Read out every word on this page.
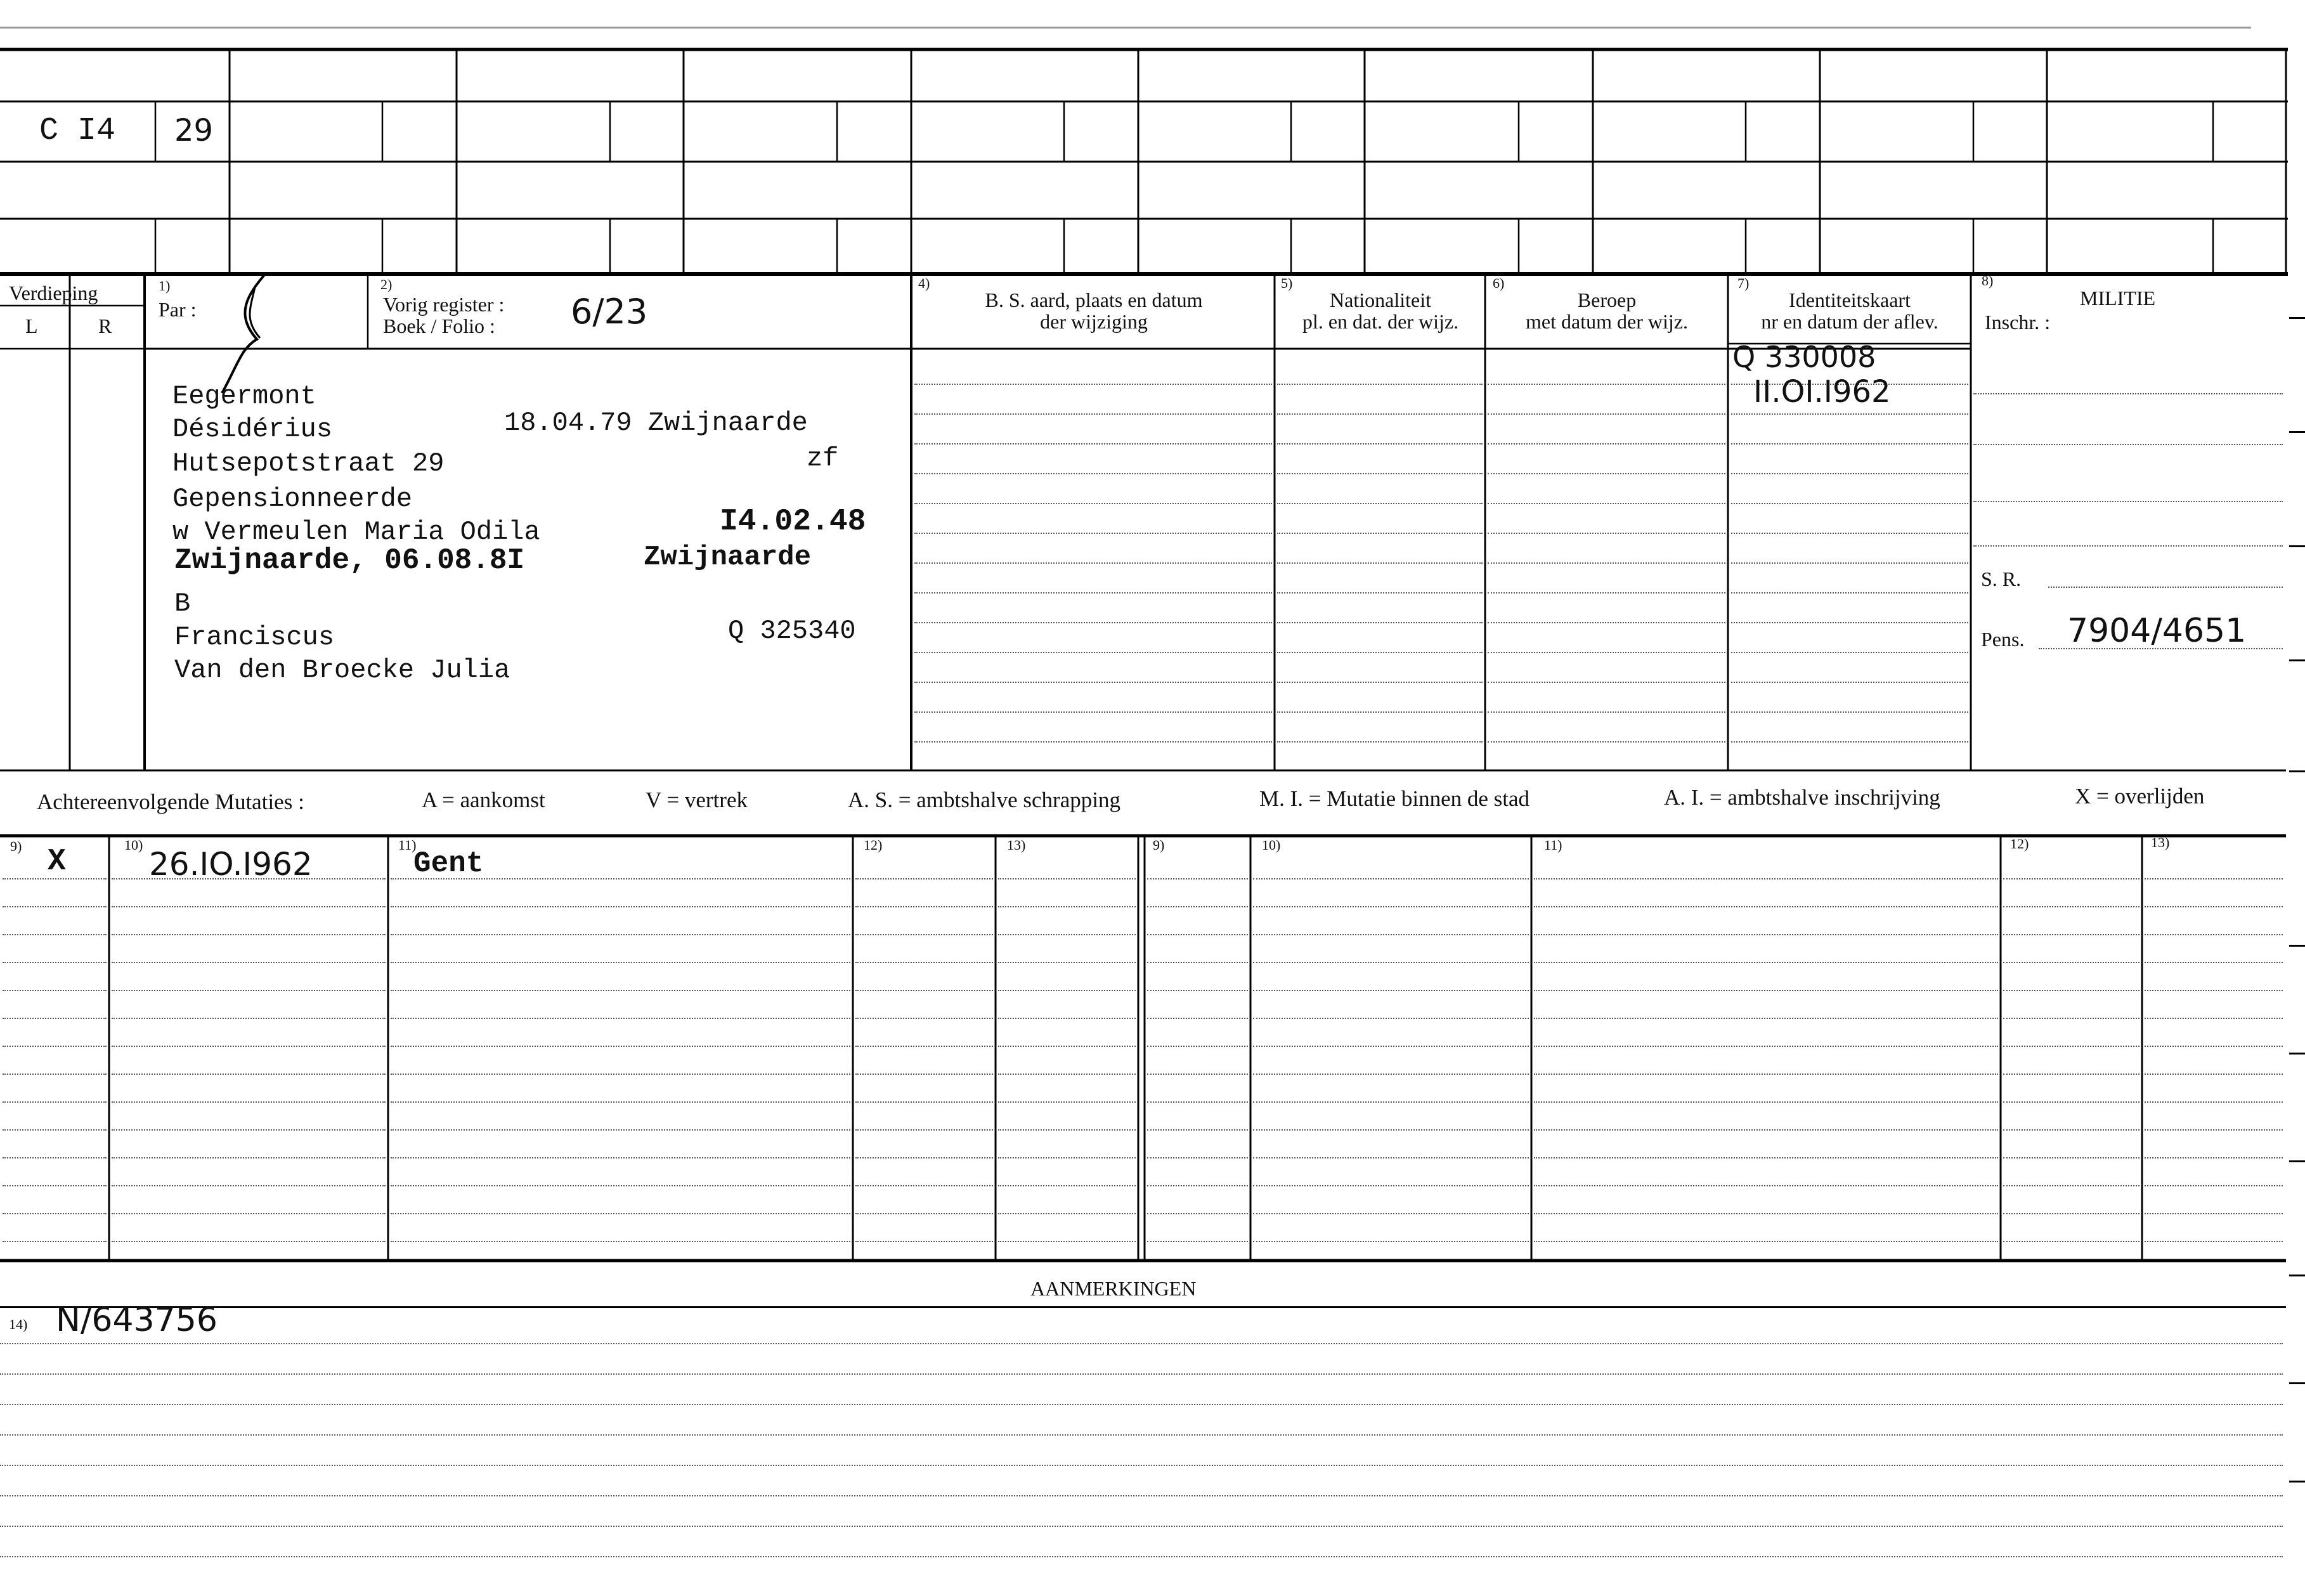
C I4 29
Verdieping
L	R
1)
Par :
2)
Vorig register :
Boek / Folio : 6/23
4)
B. S. aard, plaats en datum
der wijziging
5)
Nationaliteit
pl. en dat. der wijz.
6)
Beroep
met datum der wijz.
7)
Identiteitskaart
nr en datum der aflev.
8)
MILITIE
Inschr. :
Eegermont
Désidérius	18.04.79 Zwijnaarde
Hutsepotstraat 29	zf
Gepensionneerde
w Vermeulen Maria Odila	I4.02.48
Zwijnaarde, 06.08.8I	Zwijnaarde
B
Franciscus	Q 325340
Van den Broecke Julia
Q 330008
II.OI.I962
S. R.
Pens. 7904/4651
Achtereenvolgende Mutaties :	A = aankomst	V = vertrek	A. S. = ambtshalve schrapping	M. I. = Mutatie binnen de stad	A. I. = ambtshalve inschrijving	X = overlijden
9)	10)	11)	12)	13)	9)	10)	11)	12)	13)
X	26.IO.I962	Gent
AANMERKINGEN
14) N/643756
